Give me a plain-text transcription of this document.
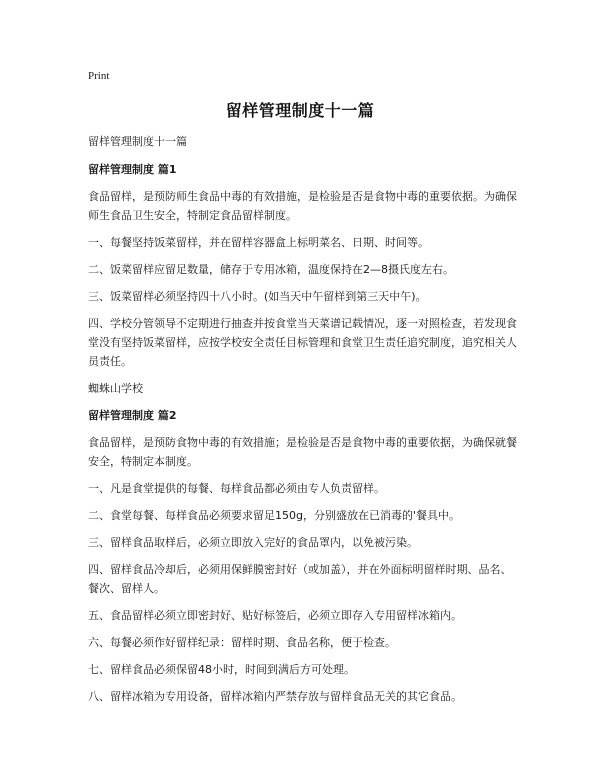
Print
留样管理制度十一篇

留样管理制度十一篇

留样管理制度 篇1

食品留样，是预防师生食品中毒的有效措施，是检验是否是食物中毒的重要依据。为确保师生食品卫生安全，特制定食品留样制度。

一、每餐坚持饭菜留样，并在留样容器盒上标明菜名、日期、时间等。

二、饭菜留样应留足数量，储存于专用冰箱，温度保持在2—8摄氏度左右。

三、饭菜留样必须坚持四十八小时。(如当天中午留样到第三天中午)。

四、学校分管领导不定期进行抽查并按食堂当天菜谱记载情况，逐一对照检查，若发现食堂没有坚持饭菜留样，应按学校安全责任目标管理和食堂卫生责任追究制度，追究相关人员责任。

蜘蛛山学校

留样管理制度 篇2

食品留样，是预防食物中毒的有效措施；是检验是否是食物中毒的重要依据，为确保就餐安全，特制定本制度。

一、凡是食堂提供的每餐、每样食品都必须由专人负责留样。

二、食堂每餐、每样食品必须要求留足150g，分别盛放在已消毒的'餐具中。

三、留样食品取样后，必须立即放入完好的食品罩内，以免被污染。

四、留样食品冷却后，必须用保鲜膜密封好（或加盖），并在外面标明留样时期、品名、餐次、留样人。

五、食品留样必须立即密封好、贴好标签后，必须立即存入专用留样冰箱内。

六、每餐必须作好留样纪录：留样时期、食品名称，便于检查。

七、留样食品必须保留48小时，时间到满后方可处理。

八、留样冰箱为专用设备，留样冰箱内严禁存放与留样食品无关的其它食品。
